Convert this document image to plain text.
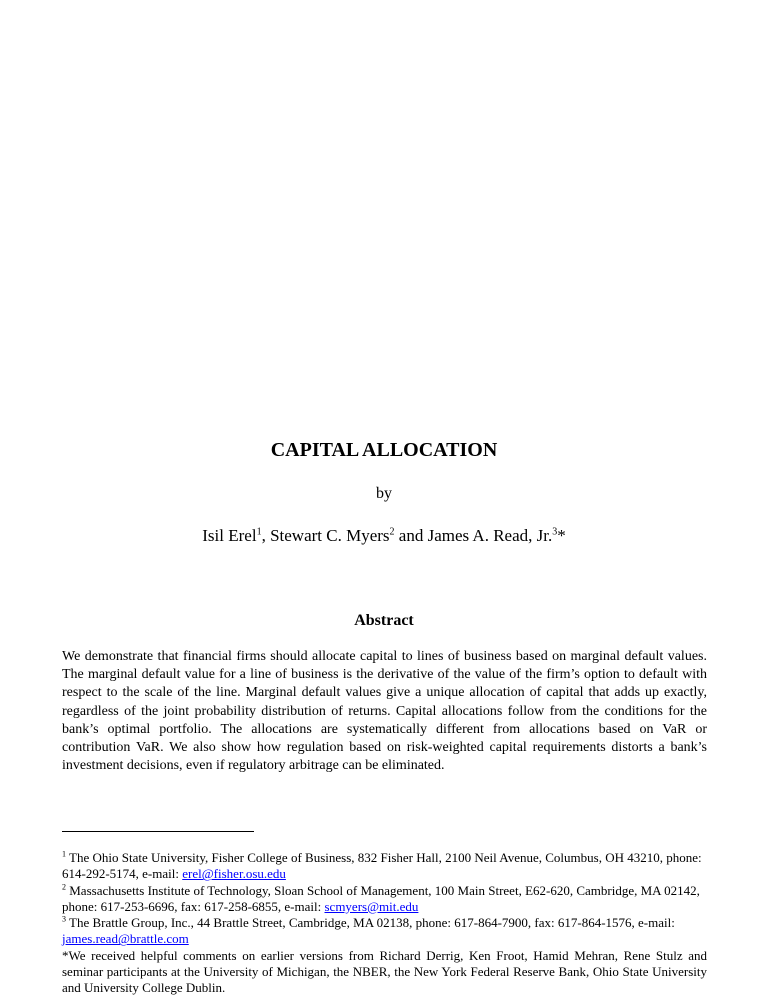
CAPITAL ALLOCATION
by
Isil Erel$^1$, Stewart C. Myers$^2$ and James A. Read, Jr.$^3$*
Abstract
We demonstrate that financial firms should allocate capital to lines of business based on marginal default values. The marginal default value for a line of business is the derivative of the value of the firm’s option to default with respect to the scale of the line. Marginal default values give a unique allocation of capital that adds up exactly, regardless of the joint probability distribution of returns. Capital allocations follow from the conditions for the bank’s optimal portfolio. The allocations are systematically different from allocations based on VaR or contribution VaR. We also show how regulation based on risk-weighted capital requirements distorts a bank’s investment decisions, even if regulatory arbitrage can be eliminated.

$^1$ The Ohio State University, Fisher College of Business, 832 Fisher Hall, 2100 Neil Avenue, Columbus, OH 43210, phone: 614-292-5174, e-mail: erel@fisher.osu.edu

$^2$ Massachusetts Institute of Technology, Sloan School of Management, 100 Main Street, E62-620, Cambridge, MA 02142, phone: 617-253-6696, fax: 617-258-6855, e-mail: scmyers@mit.edu

$^3$ The Brattle Group, Inc., 44 Brattle Street, Cambridge, MA 02138, phone: 617-864-7900, fax: 617-864-1576, e-mail: james.read@brattle.com

*We received helpful comments on earlier versions from Richard Derrig, Ken Froot, Hamid Mehran, Rene Stulz and seminar participants at the University of Michigan, the NBER, the New York Federal Reserve Bank, Ohio State University and University College Dublin.
